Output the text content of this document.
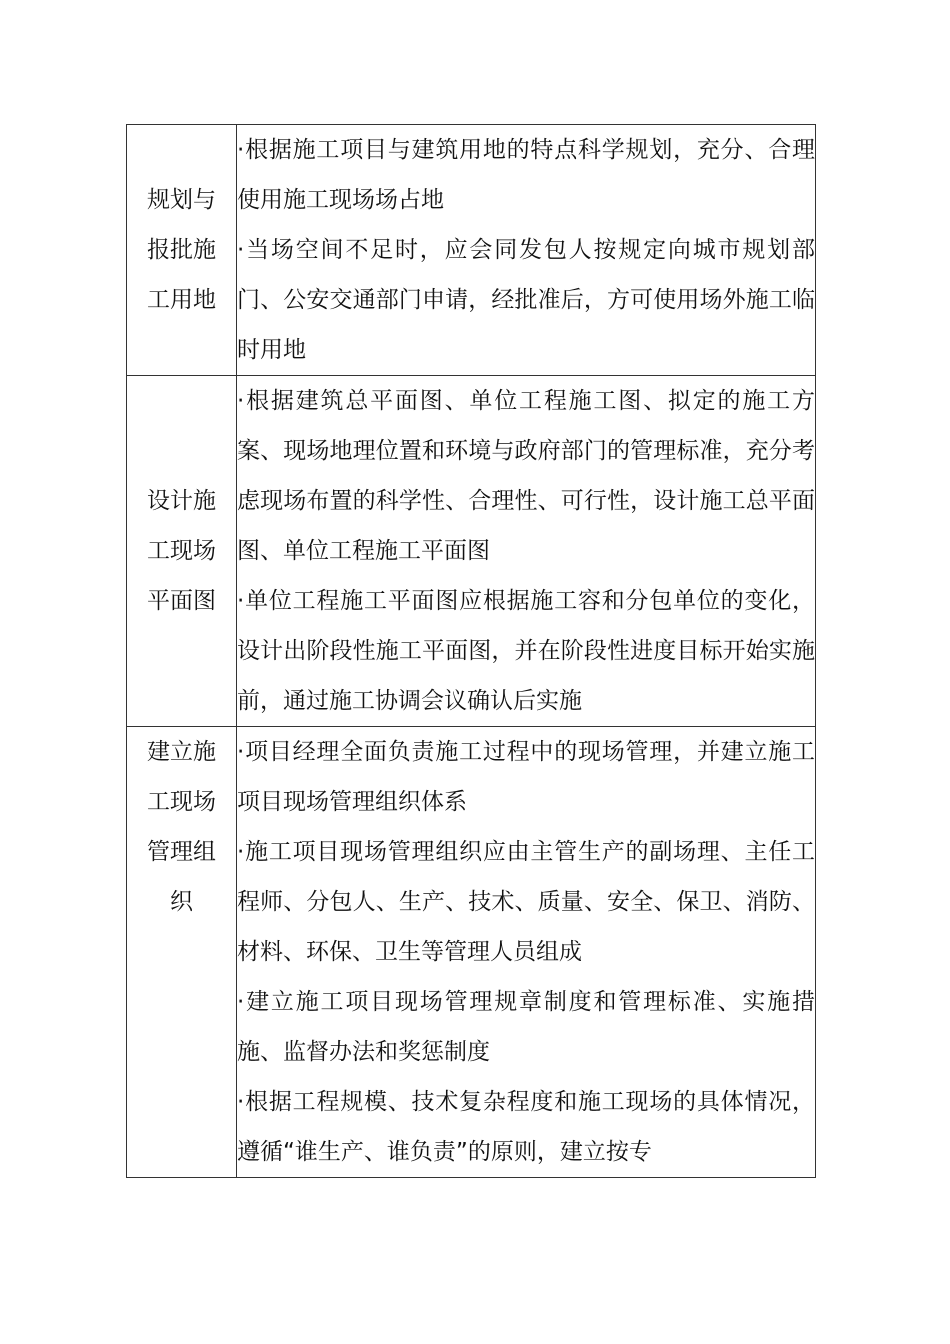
规划与
报批施
工用地	·根据施工项目与建筑用地的特点科学规划，充分、合理使用施工现场场占地
·当场空间不足时，应会同发包人按规定向城市规划部门、公安交通部门申请，经批准后，方可使用场外施工临时用地

设计施
工现场
平面图	·根据建筑总平面图、单位工程施工图、拟定的施工方案、现场地理位置和环境与政府部门的管理标准，充分考虑现场布置的科学性、合理性、可行性，设计施工总平面图、单位工程施工平面图
·单位工程施工平面图应根据施工容和分包单位的变化，设计出阶段性施工平面图，并在阶段性进度目标开始实施前，通过施工协调会议确认后实施

建立施
工现场
管理组
织	·项目经理全面负责施工过程中的现场管理，并建立施工项目现场管理组织体系
·施工项目现场管理组织应由主管生产的副场理、主任工程师、分包人、生产、技术、质量、安全、保卫、消防、材料、环保、卫生等管理人员组成
·建立施工项目现场管理规章制度和管理标准、实施措施、监督办法和奖惩制度
·根据工程规模、技术复杂程度和施工现场的具体情况，遵循“谁生产、谁负责”的原则，建立按专
